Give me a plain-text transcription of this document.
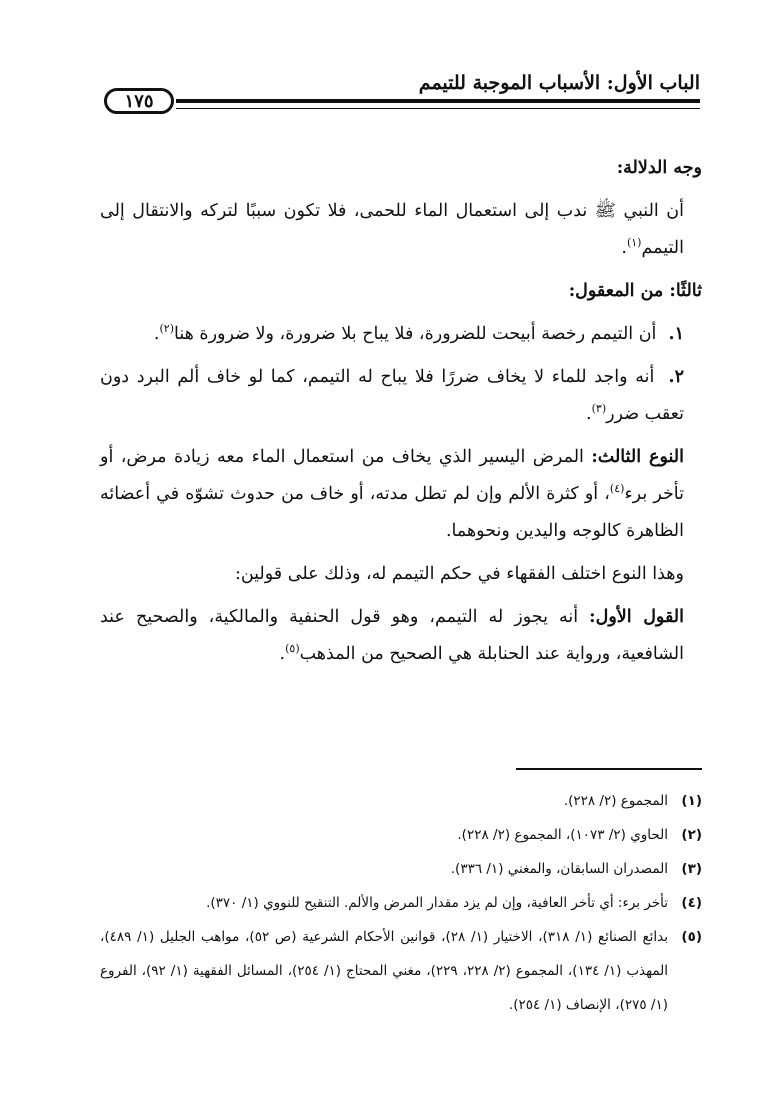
الباب الأول: الأسباب الموجبة للتيمم
١٧٥

وجه الدلالة:

أن النبي ﷺ ندب إلى استعمال الماء للحمى، فلا تكون سببًا لتركه والانتقال إلى التيمم$^{(١)}$.

ثالثًا: من المعقول:

١. أن التيمم رخصة أبيحت للضرورة، فلا يباح بلا ضرورة، ولا ضرورة هنا$^{(٢)}$.

٢. أنه واجد للماء لا يخاف ضررًا فلا يباح له التيمم، كما لو خاف ألم البرد دون تعقب ضرر$^{(٣)}$.

النوع الثالث: المرض اليسير الذي يخاف من استعمال الماء معه زيادة مرض، أو تأخر برء$^{(٤)}$، أو كثرة الألم وإن لم تطل مدته، أو خاف من حدوث تشوّه في أعضائه الظاهرة كالوجه واليدين ونحوهما.

وهذا النوع اختلف الفقهاء في حكم التيمم له، وذلك على قولين:

القول الأول: أنه يجوز له التيمم، وهو قول الحنفية والمالكية، والصحيح عند الشافعية، ورواية عند الحنابلة هي الصحيح من المذهب$^{(٥)}$.

(١)
المجموع (٢/ ٢٢٨).
(٢)
الحاوي (٢/ ١٠٧٣)، المجموع (٢/ ٢٢٨).
(٣)
المصدران السابقان، والمغني (١/ ٣٣٦).
(٤)
تأخر برء: أي تأخر العافية، وإن لم يزد مقدار المرض والألم. التنقيح للنووي (١/ ٣٧٠).
(٥)
بدائع الصنائع (١/ ٣١٨)، الاختيار (١/ ٢٨)، قوانين الأحكام الشرعية (ص ٥٢)، مواهب الجليل (١/ ٤٨٩)، المهذب (١/ ١٣٤)، المجموع (٢/ ٢٢٨، ٢٢٩)، مغني المحتاج (١/ ٢٥٤)، المسائل الفقهية (١/ ٩٢)، الفروع (١/ ٢٧٥)، الإنصاف (١/ ٢٥٤).
